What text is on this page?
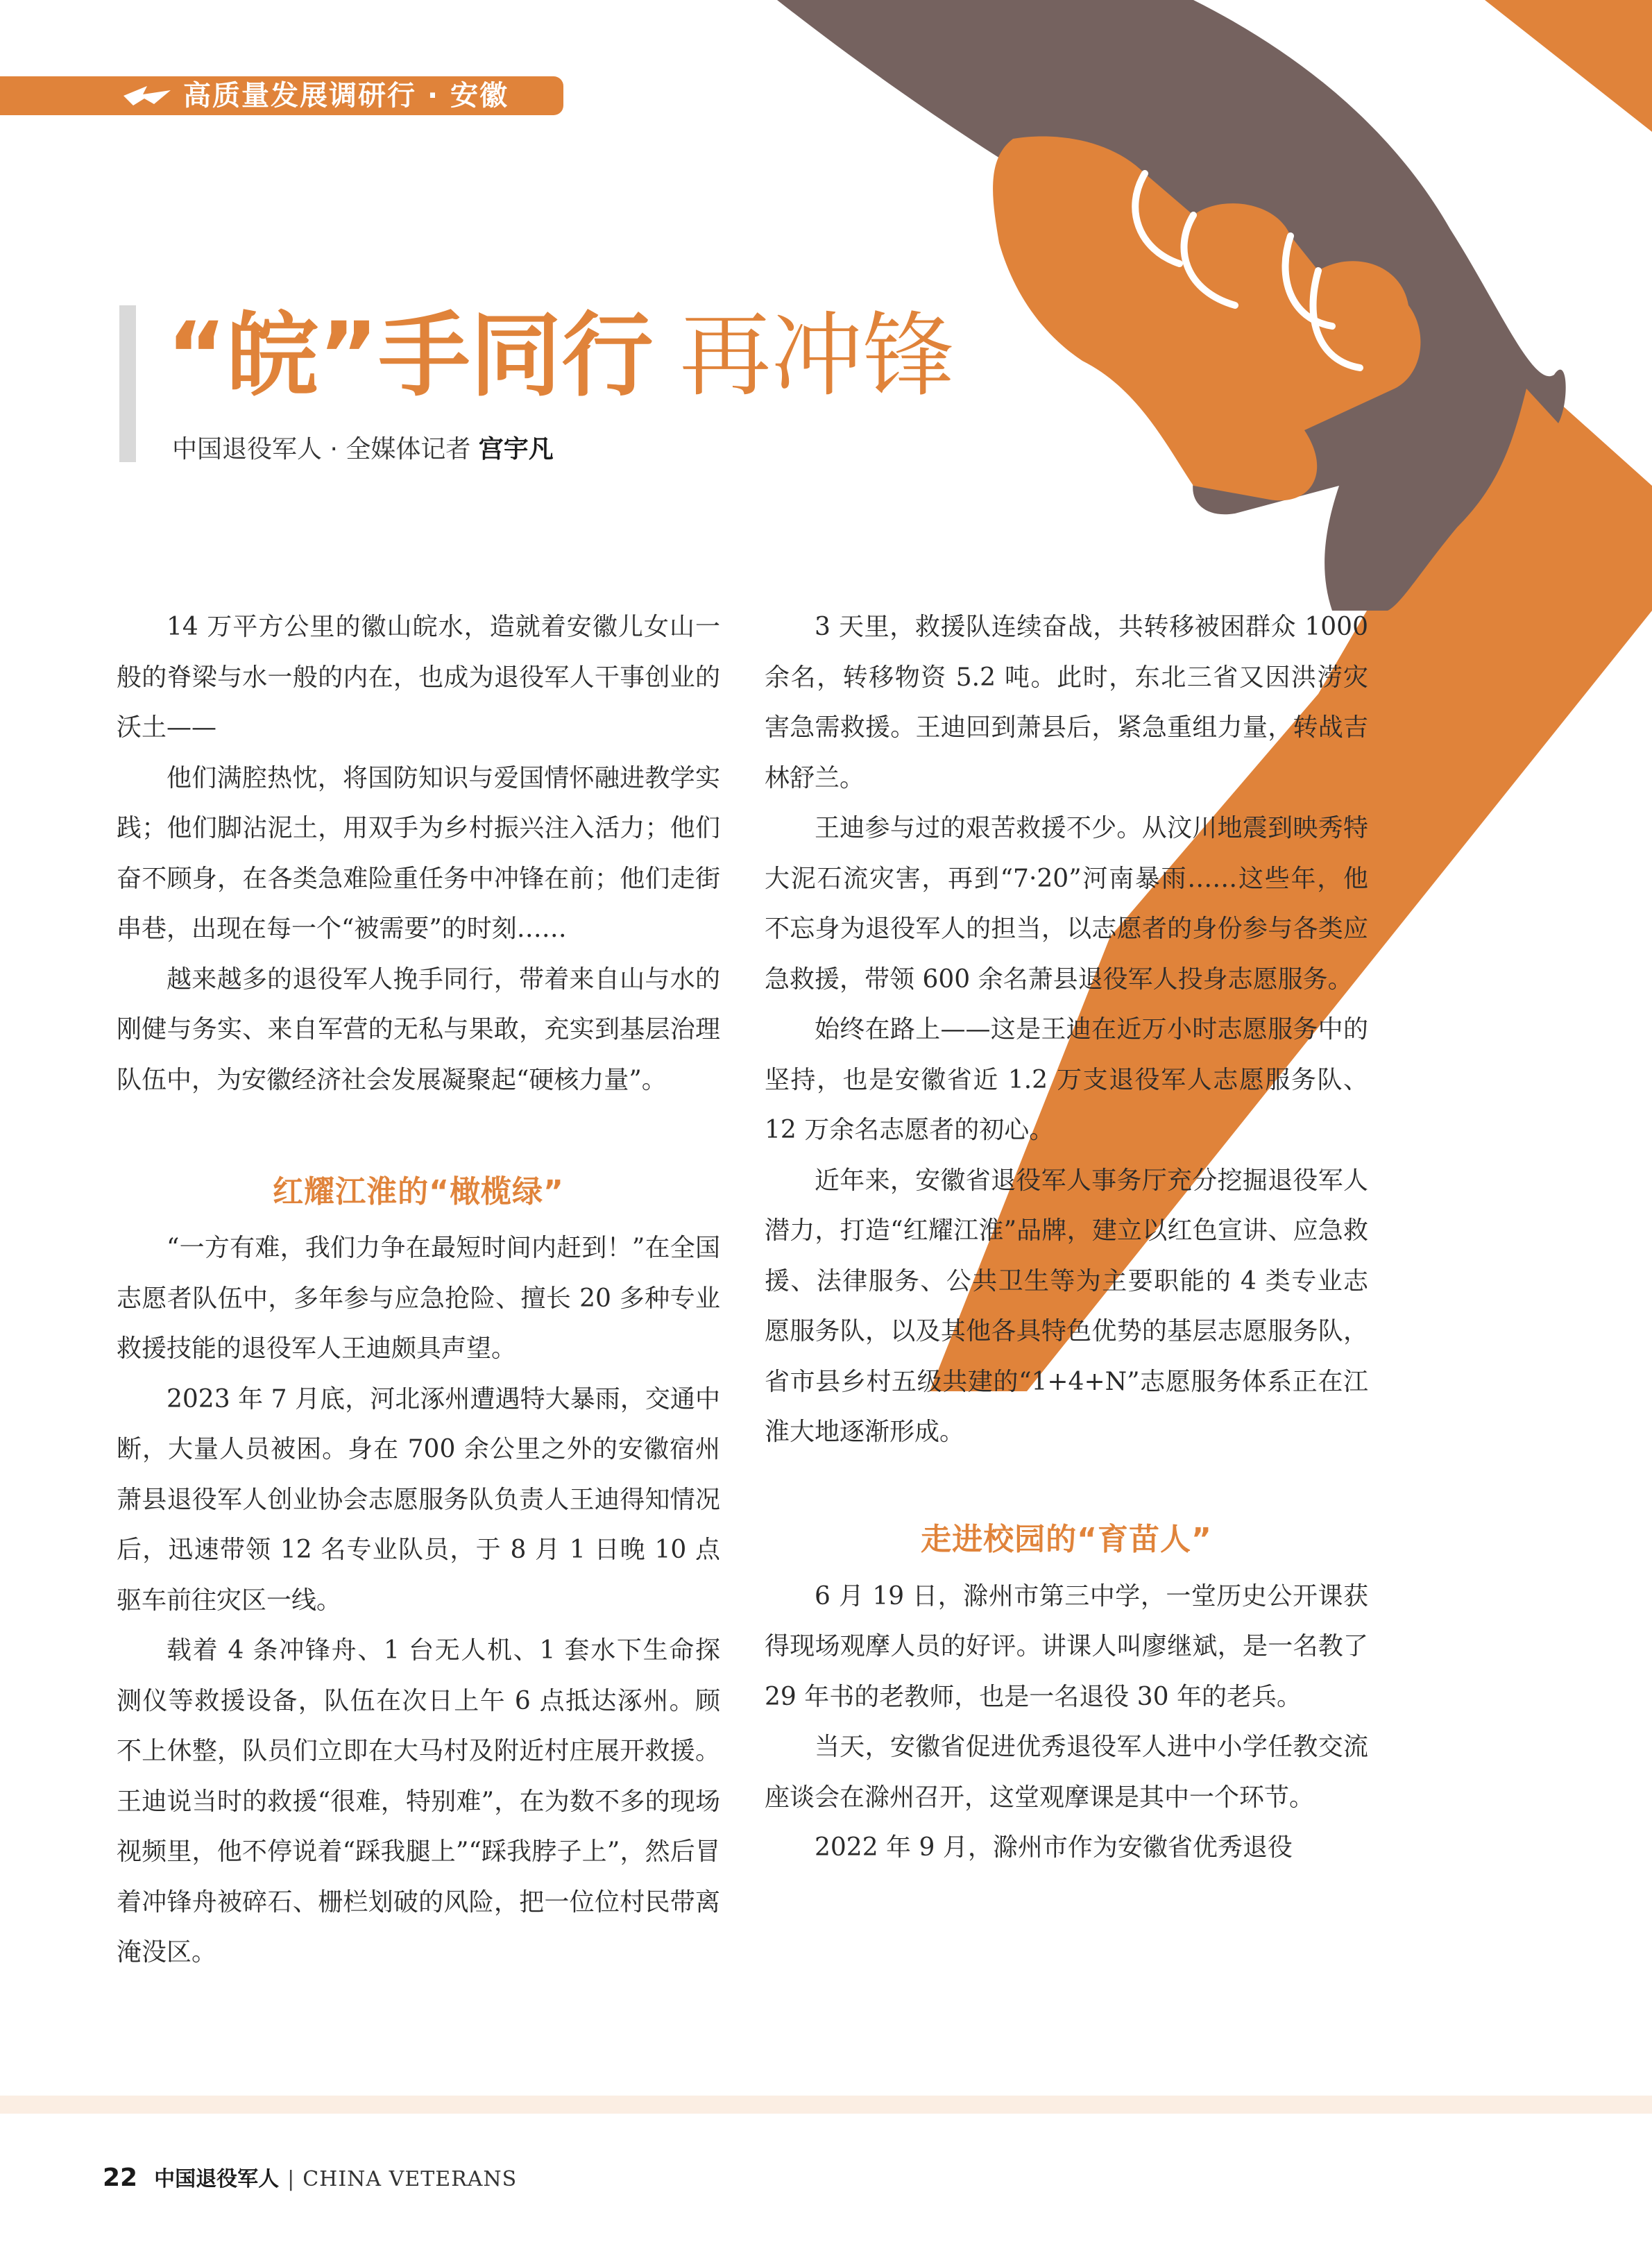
高质量发展调研行 · 安徽
“皖”手同行 再冲锋
中国退役军人 · 全媒体记者 宫宇凡

14 万平方公里的徽山皖水，造就着安徽儿女山一般的脊梁与水一般的内在，也成为退役军人干事创业的沃土——

他们满腔热忱，将国防知识与爱国情怀融进教学实践；他们脚沾泥土，用双手为乡村振兴注入活力；他们奋不顾身，在各类急难险重任务中冲锋在前；他们走街串巷，出现在每一个“被需要”的时刻……

越来越多的退役军人挽手同行，带着来自山与水的刚健与务实、来自军营的无私与果敢，充实到基层治理队伍中，为安徽经济社会发展凝聚起“硬核力量”。

红耀江淮的“橄榄绿”

“一方有难，我们力争在最短时间内赶到！”在全国志愿者队伍中，多年参与应急抢险、擅长 20 多种专业救援技能的退役军人王迪颇具声望。

2023 年 7 月底，河北涿州遭遇特大暴雨，交通中断，大量人员被困。身在 700 余公里之外的安徽宿州萧县退役军人创业协会志愿服务队负责人王迪得知情况后，迅速带领 12 名专业队员，于 8 月 1 日晚 10 点驱车前往灾区一线。

载着 4 条冲锋舟、1 台无人机、1 套水下生命探测仪等救援设备，队伍在次日上午 6 点抵达涿州。顾不上休整，队员们立即在大马村及附近村庄展开救援。王迪说当时的救援“很难，特别难”，在为数不多的现场视频里，他不停说着“踩我腿上”“踩我脖子上”，然后冒着冲锋舟被碎石、栅栏划破的风险，把一位位村民带离淹没区。

3 天里，救援队连续奋战，共转移被困群众 1000 余名，转移物资 5.2 吨。此时，东北三省又因洪涝灾害急需救援。王迪回到萧县后，紧急重组力量，转战吉林舒兰。

王迪参与过的艰苦救援不少。从汶川地震到映秀特大泥石流灾害，再到“7·20”河南暴雨……这些年，他不忘身为退役军人的担当，以志愿者的身份参与各类应急救援，带领 600 余名萧县退役军人投身志愿服务。

始终在路上——这是王迪在近万小时志愿服务中的坚持，也是安徽省近 1.2 万支退役军人志愿服务队、12 万余名志愿者的初心。

近年来，安徽省退役军人事务厅充分挖掘退役军人潜力，打造“红耀江淮”品牌，建立以红色宣讲、应急救援、法律服务、公共卫生等为主要职能的 4 类专业志愿服务队，以及其他各具特色优势的基层志愿服务队，省市县乡村五级共建的“1+4+N”志愿服务体系正在江淮大地逐渐形成。

走进校园的“育苗人”

6 月 19 日，滁州市第三中学，一堂历史公开课获得现场观摩人员的好评。讲课人叫廖继斌，是一名教了 29 年书的老教师，也是一名退役 30 年的老兵。

当天，安徽省促进优秀退役军人进中小学任教交流座谈会在滁州召开，这堂观摩课是其中一个环节。

2022 年 9 月，滁州市作为安徽省优秀退役

22 中国退役军人 | CHINA VETERANS
